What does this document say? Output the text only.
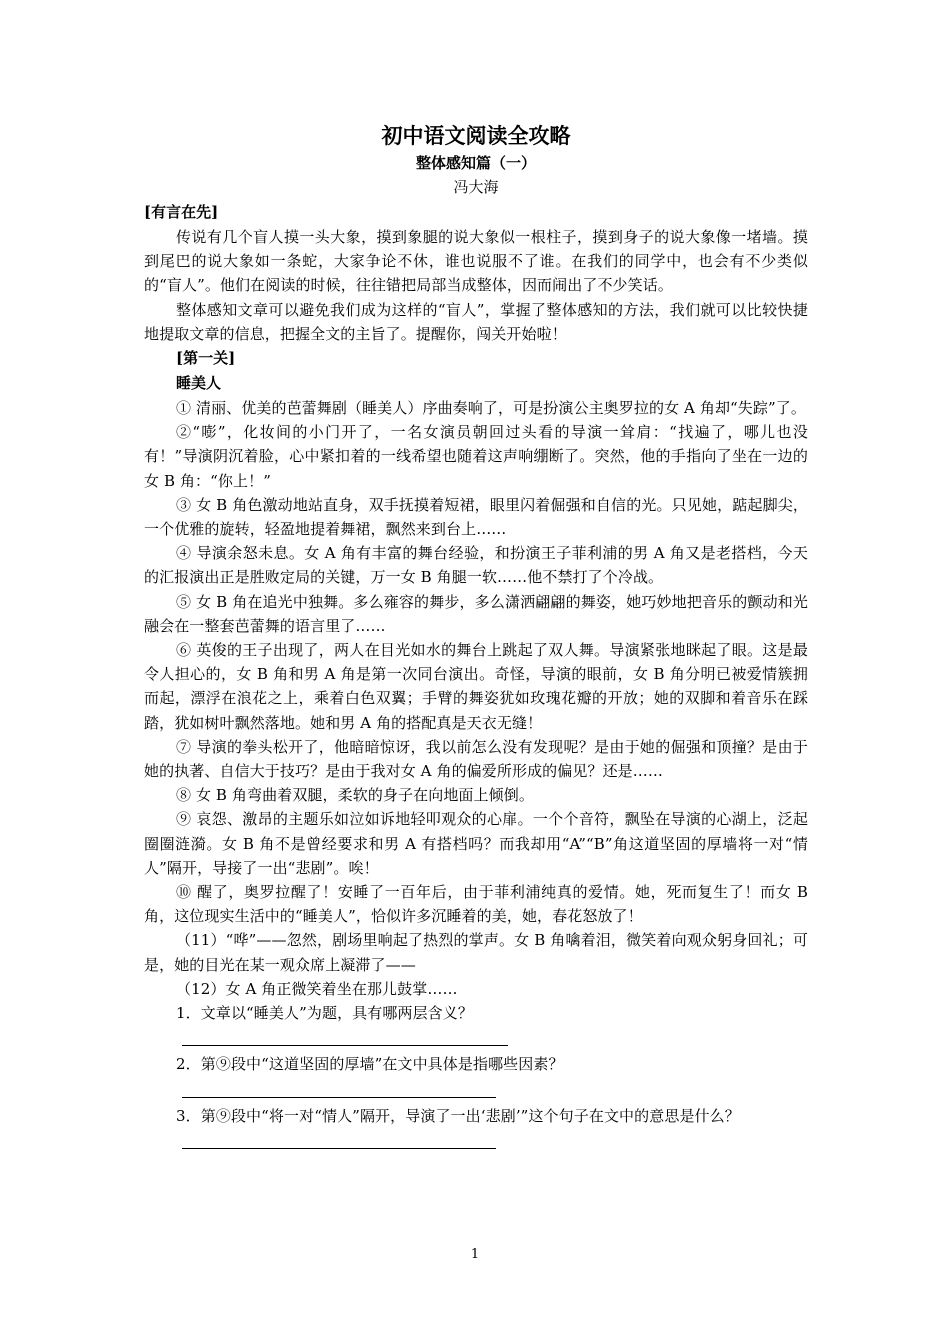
初中语文阅读全攻略
整体感知篇（一）
冯大海
[有言在先]

传说有几个盲人摸一头大象，摸到象腿的说大象似一根柱子，摸到身子的说大象像一堵墙。摸到尾巴的说大象如一条蛇，大家争论不休，谁也说服不了谁。在我们的同学中，也会有不少类似的“盲人”。他们在阅读的时候，往往错把局部当成整体，因而闹出了不少笑话。

整体感知文章可以避免我们成为这样的“盲人”，掌握了整体感知的方法，我们就可以比较快捷地提取文章的信息，把握全文的主旨了。提醒你，闯关开始啦！

[第一关]
睡美人

① 清丽、优美的芭蕾舞剧（睡美人）序曲奏响了，可是扮演公主奥罗拉的女 A 角却“失踪”了。

②“嘭”，化妆间的小门开了，一名女演员朝回过头看的导演一耸肩：“找遍了，哪儿也没有！”导演阴沉着脸，心中紧扣着的一线希望也随着这声响绷断了。突然，他的手指向了坐在一边的女 B 角：“你上！”

③ 女 B 角色激动地站直身，双手抚摸着短裙，眼里闪着倔强和自信的光。只见她，踮起脚尖，一个优雅的旋转，轻盈地提着舞裙，飘然来到台上……

④ 导演余怒未息。女 A 角有丰富的舞台经验，和扮演王子菲利浦的男 A 角又是老搭档，今天的汇报演出正是胜败定局的关键，万一女 B 角腿一软……他不禁打了个冷战。

⑤ 女 B 角在追光中独舞。多么雍容的舞步，多么潇洒翩翩的舞姿，她巧妙地把音乐的颤动和光融会在一整套芭蕾舞的语言里了……

⑥ 英俊的王子出现了，两人在目光如水的舞台上跳起了双人舞。导演紧张地眯起了眼。这是最令人担心的，女 B 角和男 A 角是第一次同台演出。奇怪，导演的眼前，女 B 角分明已被爱情簇拥而起，漂浮在浪花之上，乘着白色双翼；手臂的舞姿犹如玫瑰花瓣的开放；她的双脚和着音乐在踩踏，犹如树叶飘然落地。她和男 A 角的搭配真是天衣无缝！

⑦ 导演的拳头松开了，他暗暗惊讶，我以前怎么没有发现呢？是由于她的倔强和顶撞？是由于她的执著、自信大于技巧？是由于我对女 A 角的偏爱所形成的偏见？还是……

⑧ 女 B 角弯曲着双腿，柔软的身子在向地面上倾倒。

⑨ 哀怨、激昂的主题乐如泣如诉地轻叩观众的心扉。一个个音符，飘坠在导演的心湖上，泛起圈圈涟漪。女 B 角不是曾经要求和男 A 有搭档吗？而我却用“A”“B”角这道坚固的厚墙将一对“情人”隔开，导接了一出“悲剧”。唉！

⑩ 醒了，奥罗拉醒了！安睡了一百年后，由于菲利浦纯真的爱情。她，死而复生了！而女 B 角，这位现实生活中的“睡美人”，恰似许多沉睡着的美，她，春花怒放了！

（11）“哗”——忽然，剧场里响起了热烈的掌声。女 B 角噙着泪，微笑着向观众躬身回礼；可是，她的目光在某一观众席上凝滞了——

（12）女 A 角正微笑着坐在那儿鼓掌……

1．文章以“睡美人”为题，具有哪两层含义？

2．第⑨段中“这道坚固的厚墙”在文中具体是指哪些因素？

3．第⑨段中“将一对“情人”隔开，导演了一出‘悲剧’”这个句子在文中的意思是什么？

1
